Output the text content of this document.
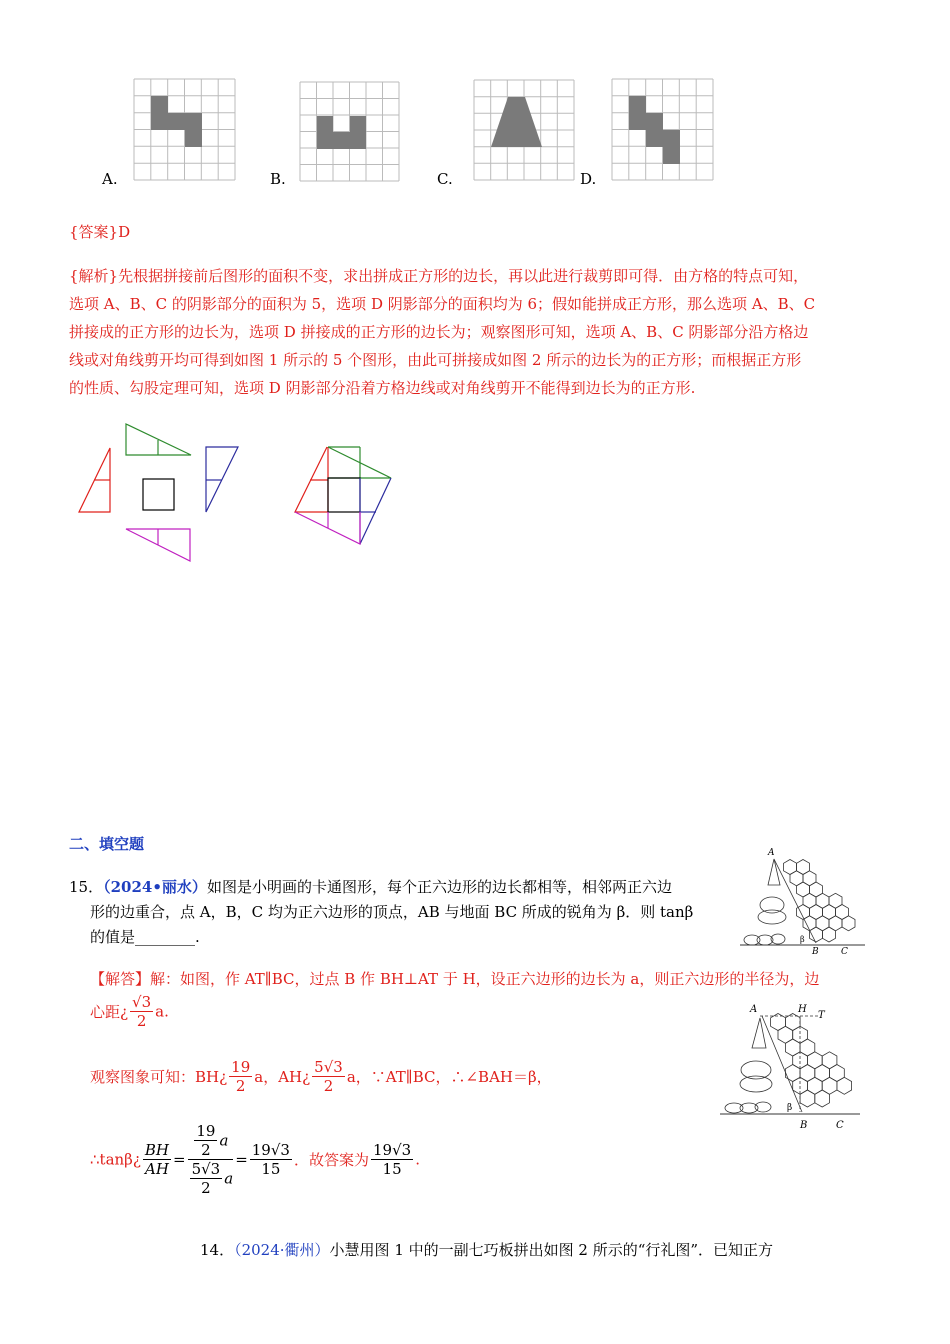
A.	B.	C.	D.
{答案}D
{解析}先根据拼接前后图形的面积不变，求出拼成正方形的边长，再以此进行裁剪即可得．由方格的特点可知，
选项 A、B、C 的阴影部分的面积为 5，选项 D 阴影部分的面积均为 6；假如能拼成正方形，那么选项 A、B、C
拼接成的正方形的边长为，选项 D 拼接成的正方形的边长为；观察图形可知，选项 A、B、C 阴影部分沿方格边
线或对角线剪开均可得到如图 1 所示的 5 个图形，由此可拼接成如图 2 所示的边长为的正方形；而根据正方形
的性质、勾股定理可知，选项 D 阴影部分沿着方格边线或对角线剪开不能得到边长为的正方形.
二、填空题
15．（2024•丽水）如图是小明画的卡通图形，每个正六边形的边长都相等，相邻两正六边
形的边重合，点 A，B，C 均为正六边形的顶点，AB 与地面 BC 所成的锐角为 β．则 tanβ
的值是________.
A
B C
β
【解答】解：如图，作 AT∥BC，过点 B 作 BH⊥AT 于 H，设正六边形的边长为 a，则正六边形的半径为，边
心距¿ $\frac{√3}{2} a$.	A	H
T
B	C
β
观察图象可知：BH¿ $\frac{19}{2}$ a，AH¿ $\frac{5√3}{2}$ a，∵AT∥BC，∴∠BAH＝β，
∴tanβ¿ $\frac{BH}{AH} = \frac{\frac{19}{2} a}{\frac{5√3}{2} a} = \frac{19√3}{15}$ ．故答案为 $\frac{19√3}{15}$ .
14．（2024·衢州）小慧用图 1 中的一副七巧板拼出如图 2 所示的“行礼图”．已知正方
